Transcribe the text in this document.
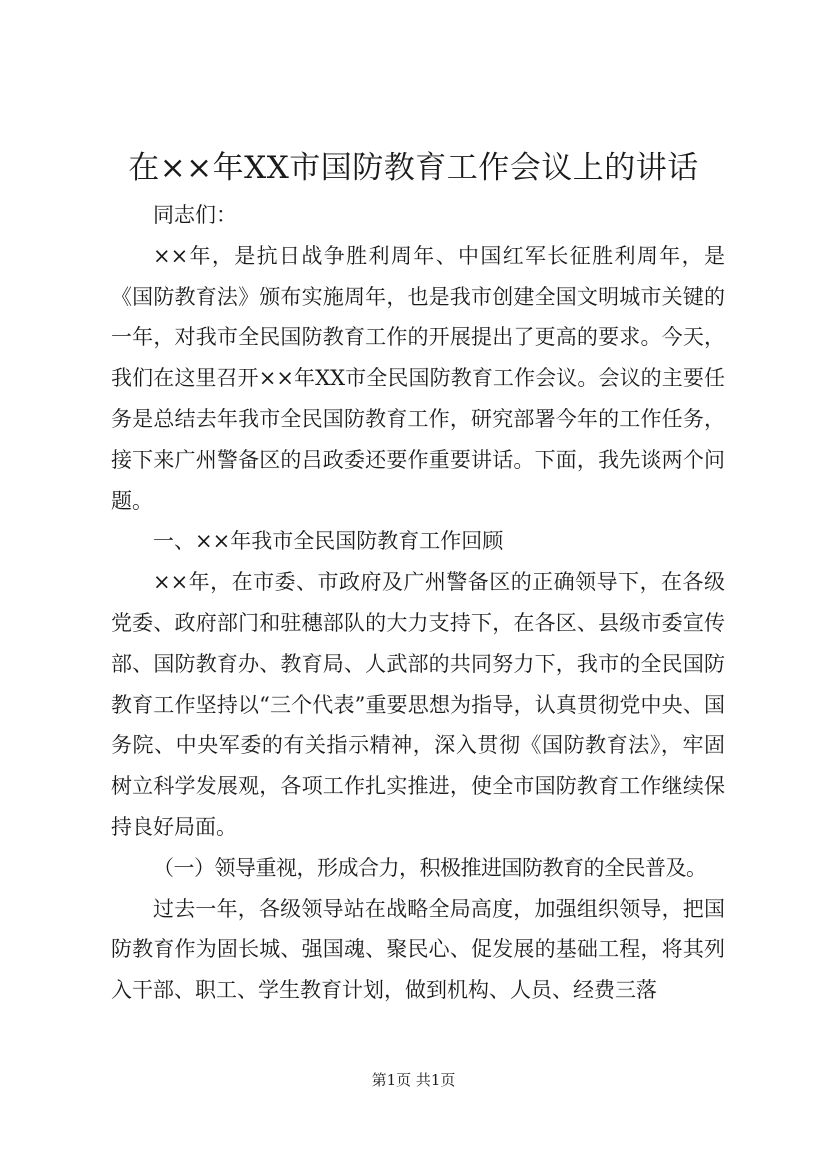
在××年XX市国防教育工作会议上的讲话

同志们：

××年，是抗日战争胜利周年、中国红军长征胜利周年，是《国防教育法》颁布实施周年，也是我市创建全国文明城市关键的一年，对我市全民国防教育工作的开展提出了更高的要求。今天，我们在这里召开××年XX市全民国防教育工作会议。会议的主要任务是总结去年我市全民国防教育工作，研究部署今年的工作任务，接下来广州警备区的吕政委还要作重要讲话。下面，我先谈两个问题。

一、××年我市全民国防教育工作回顾

××年，在市委、市政府及广州警备区的正确领导下，在各级党委、政府部门和驻穗部队的大力支持下，在各区、县级市委宣传部、国防教育办、教育局、人武部的共同努力下，我市的全民国防教育工作坚持以“三个代表”重要思想为指导，认真贯彻党中央、国务院、中央军委的有关指示精神，深入贯彻《国防教育法》，牢固树立科学发展观，各项工作扎实推进，使全市国防教育工作继续保持良好局面。

（一）领导重视，形成合力，积极推进国防教育的全民普及。

过去一年，各级领导站在战略全局高度，加强组织领导，把国防教育作为固长城、强国魂、聚民心、促发展的基础工程，将其列入干部、职工、学生教育计划，做到机构、人员、经费三落

第1页 共1页
